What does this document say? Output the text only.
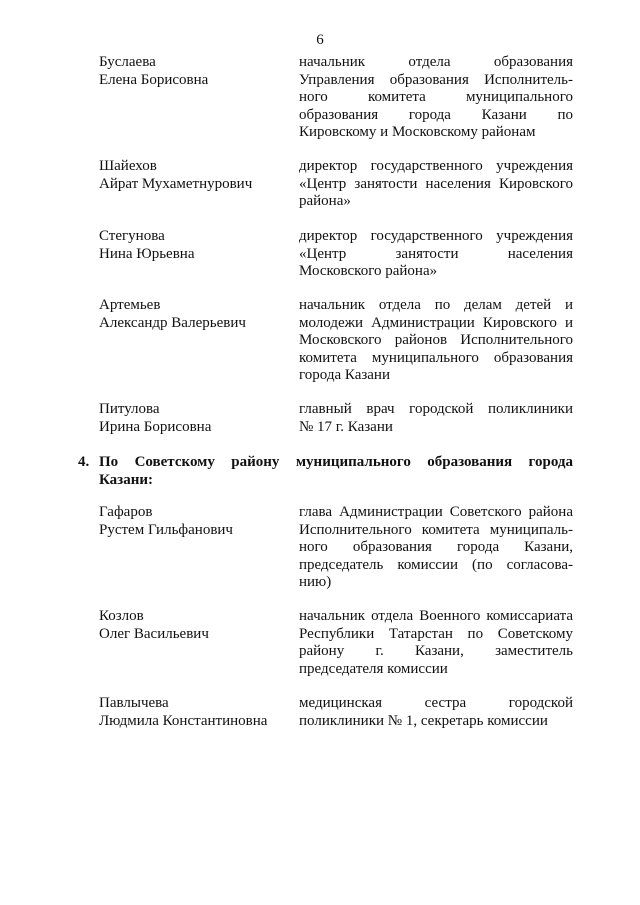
6
Буслаева
Елена Борисовна
начальник отдела образования
Управления образования Исполнитель-
ного комитета муниципального
образования города Казани по
Кировскому и Московскому районам
Шайехов
Айрат Мухаметнурович
директор государственного учреждения
«Центр занятости населения Кировского
района»
Стегунова
Нина Юрьевна
директор государственного учреждения
«Центр занятости населения
Московского района»
Артемьев
Александр Валерьевич
начальник отдела по делам детей и
молодежи Администрации Кировского и
Московского районов Исполнительного
комитета муниципального образования
города Казани
Питулова
Ирина Борисовна
главный врач городской поликлиники
№ 17 г. Казани
4. По Советскому району муниципального образования города
Казани:
Гафаров
Рустем Гильфанович
глава Администрации Советского района
Исполнительного комитета муниципаль-
ного образования города Казани,
председатель комиссии (по согласова-
нию)
Козлов
Олег Васильевич
начальник отдела Военного комиссариата
Республики Татарстан по Советскому
району г. Казани, заместитель
председателя комиссии
Павлычева
Людмила Константиновна
медицинская сестра городской
поликлиники № 1, секретарь комиссии
